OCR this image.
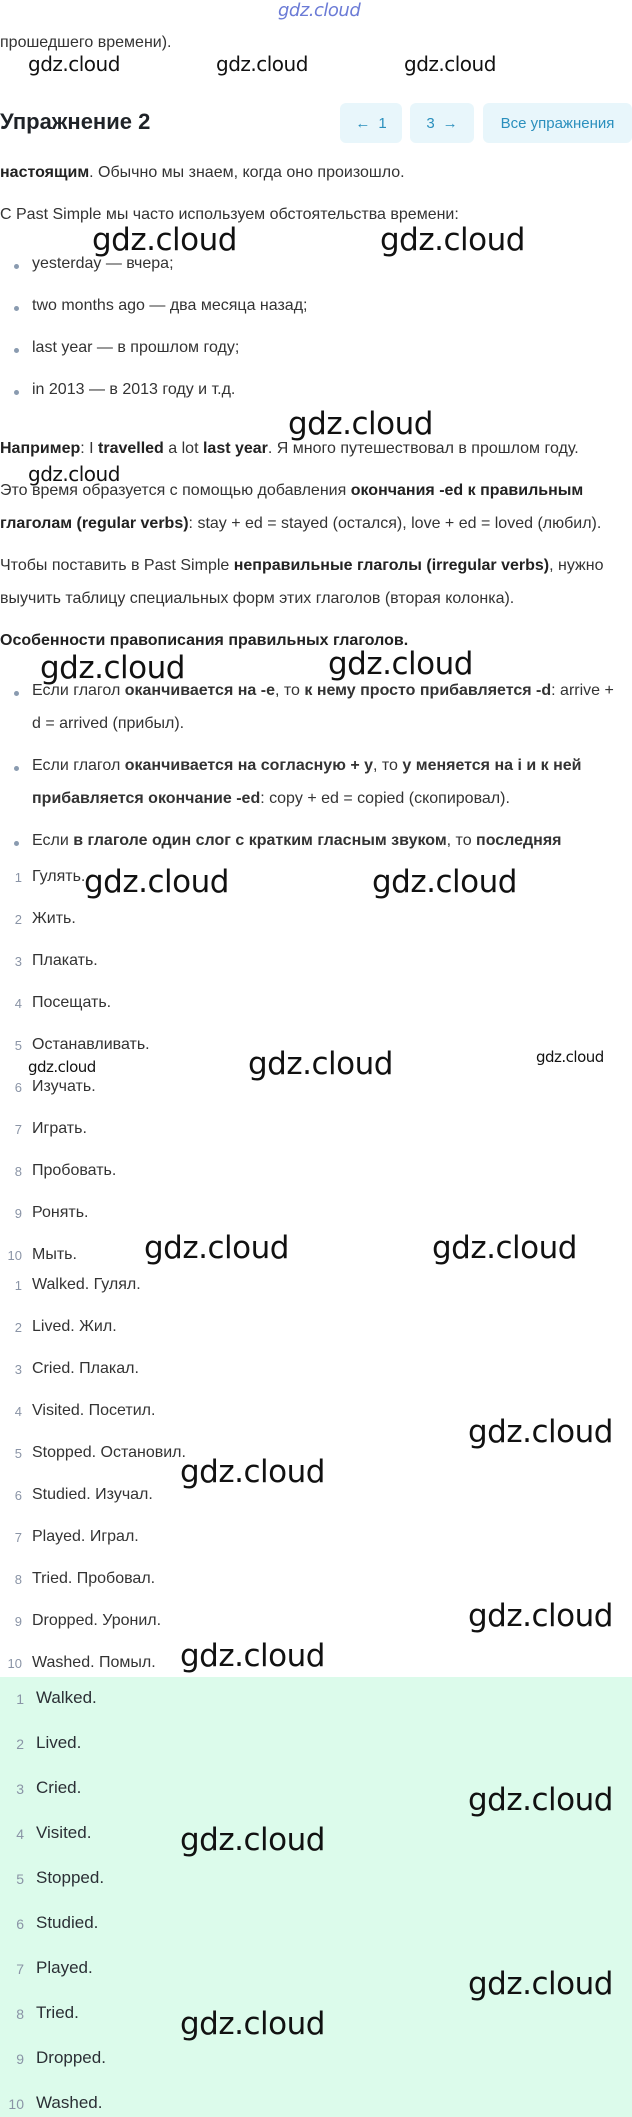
gdz.cloud
прошедшего времени).
Упражнение 2	← 1	3 →	Все упражнения
настоящим. Обычно мы знаем, когда оно произошло.
С Past Simple мы часто используем обстоятельства времени:
yesterday — вчера;
two months ago — два месяца назад;
last year — в прошлом году;
in 2013 — в 2013 году и т.д.
Например: I travelled a lot last year. Я много путешествовал в прошлом году.
Это время образуется с помощью добавления окончания -ed к правильным
глаголам (regular verbs): stay + ed = stayed (остался), love + ed = loved (любил).
Чтобы поставить в Past Simple неправильные глаголы (irregular verbs), нужно
выучить таблицу специальных форм этих глаголов (вторая колонка).
Особенности правописания правильных глаголов.
Если глагол оканчивается на -e, то к нему просто прибавляется -d: arrive +
d = arrived (прибыл).
Если глагол оканчивается на согласную + y, то y меняется на i и к ней
прибавляется окончание -ed: copy + ed = copied (скопировал).
Если в глаголе один слог с кратким гласным звуком, то последняя
1 Гулять.
2 Жить.
3 Плакать.
4 Посещать.
5 Останавливать.
6 Изучать.
7 Играть.
8 Пробовать.
9 Ронять.
10 Мыть.
1 Walked. Гулял.
2 Lived. Жил.
3 Cried. Плакал.
4 Visited. Посетил.
5 Stopped. Остановил.
6 Studied. Изучал.
7 Played. Играл.
8 Tried. Пробовал.
9 Dropped. Уронил.
10 Washed. Помыл.
1 Walked.
2 Lived.
3 Cried.
4 Visited.
5 Stopped.
6 Studied.
7 Played.
8 Tried.
9 Dropped.
10 Washed.
gdz.cloud	gdz.cloud	gdz.cloud
gdz.cloud	gdz.cloud
gdz.cloud
gdz.cloud
gdz.cloud	gdz.cloud
gdz.cloud	gdz.cloud
gdz.cloud
gdz.cloud
gdz.cloud
gdz.cloud	gdz.cloud
gdz.cloud
gdz.cloud
gdz.cloud
gdz.cloud
gdz.cloud
gdz.cloud
gdz.cloud
gdz.cloud
